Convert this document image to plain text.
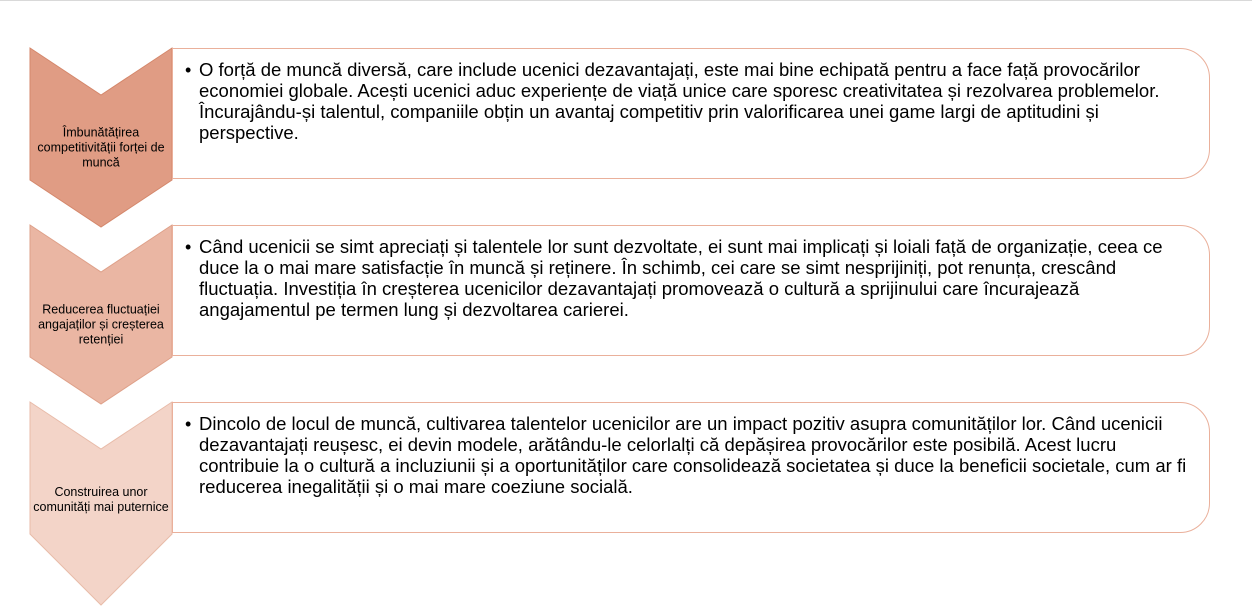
Îmbunătățirea competitivității forței de muncă
• O forță de muncă diversă, care include ucenici dezavantajați, este mai bine echipată pentru a face față provocărilor economiei globale. Acești ucenici aduc experiențe de viață unice care sporesc creativitatea și rezolvarea problemelor. Încurajându-și talentul, companiile obțin un avantaj competitiv prin valorificarea unei game largi de aptitudini și perspective.

Reducerea fluctuației angajaților și creșterea retenției
• Când ucenicii se simt apreciați și talentele lor sunt dezvoltate, ei sunt mai implicați și loiali față de organizație, ceea ce duce la o mai mare satisfacție în muncă și reținere. În schimb, cei care se simt nesprijiniți, pot renunța, crescând fluctuația. Investiția în creșterea ucenicilor dezavantajați promovează o cultură a sprijinului care încurajează angajamentul pe termen lung și dezvoltarea carierei.

Construirea unor comunități mai puternice
• Dincolo de locul de muncă, cultivarea talentelor ucenicilor are un impact pozitiv asupra comunităților lor. Când ucenicii dezavantajați reușesc, ei devin modele, arătându-le celorlalți că depășirea provocărilor este posibilă. Acest lucru contribuie la o cultură a incluziunii și a oportunităților care consolidează societatea și duce la beneficii societale, cum ar fi reducerea inegalității și o mai mare coeziune socială.
